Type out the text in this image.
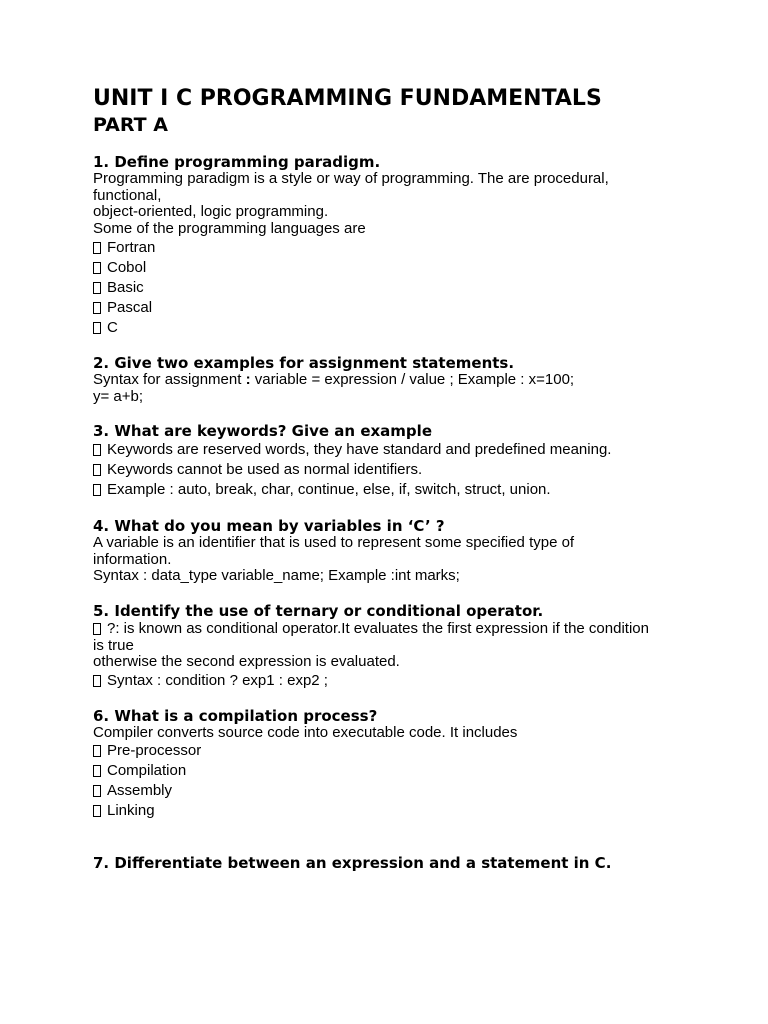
UNIT I C PROGRAMMING FUNDAMENTALS
PART A
1. Define programming paradigm.
Programming paradigm is a style or way of programming. The are procedural,
functional,
object-oriented, logic programming.
Some of the programming languages are
Fortran
Cobol
Basic
Pascal
C
2. Give two examples for assignment statements.
Syntax for assignment : variable = expression / value ; Example : x=100;
y= a+b;
3. What are keywords? Give an example
Keywords are reserved words, they have standard and predefined meaning.
Keywords cannot be used as normal identifiers.
Example : auto, break, char, continue, else, if, switch, struct, union.
4. What do you mean by variables in ‘C’ ?
A variable is an identifier that is used to represent some specified type of
information.
Syntax : data_type variable_name; Example :int marks;
5. Identify the use of ternary or conditional operator.
?: is known as conditional operator.It evaluates the first expression if the condition
is true
otherwise the second expression is evaluated.
Syntax : condition ? exp1 : exp2 ;
6. What is a compilation process?
Compiler converts source code into executable code. It includes
Pre-processor
Compilation
Assembly
Linking
7. Differentiate between an expression and a statement in C.
